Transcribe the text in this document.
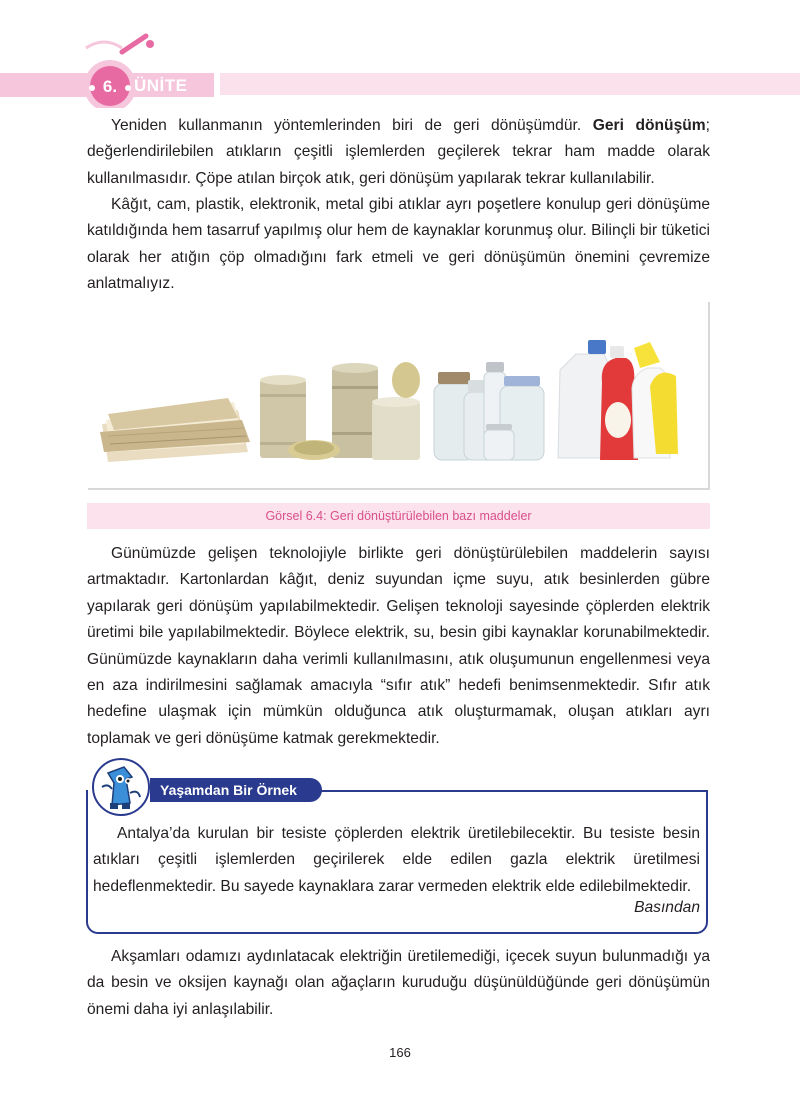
6. ÜNİTE

Yeniden kullanmanın yöntemlerinden biri de geri dönüşümdür. Geri dönüşüm; değerlendirilebilen atıkların çeşitli işlemlerden geçilerek tekrar ham madde olarak kullanılmasıdır. Çöpe atılan birçok atık, geri dönüşüm yapılarak tekrar kullanılabilir.

Kâğıt, cam, plastik, elektronik, metal gibi atıklar ayrı poşetlere konulup geri dönüşüme katıldığında hem tasarruf yapılmış olur hem de kaynaklar korunmuş olur. Bilinçli bir tüketici olarak her atığın çöp olmadığını fark etmeli ve geri dönüşümün önemini çevremize anlatmalıyız.

Görsel 6.4: Geri dönüştürülebilen bazı maddeler

Günümüzde gelişen teknolojiyle birlikte geri dönüştürülebilen maddelerin sayısı artmaktadır. Kartonlardan kâğıt, deniz suyundan içme suyu, atık besinlerden gübre yapılarak geri dönüşüm yapılabilmektedir. Gelişen teknoloji sayesinde çöplerden elektrik üretimi bile yapılabilmektedir. Böylece elektrik, su, besin gibi kaynaklar korunabilmektedir. Günümüzde kaynakların daha verimli kullanılmasını, atık oluşumunun engellenmesi veya en aza indirilmesini sağlamak amacıyla “sıfır atık” hedefi benimsenmektedir. Sıfır atık hedefine ulaşmak için mümkün olduğunca atık oluşturmamak, oluşan atıkları ayrı toplamak ve geri dönüşüme katmak gerekmektedir.

Yaşamdan Bir Örnek

Antalya’da kurulan bir tesiste çöplerden elektrik üretilebilecektir. Bu tesiste besin atıkları çeşitli işlemlerden geçirilerek elde edilen gazla elektrik üretilmesi hedeflenmektedir. Bu sayede kaynaklara zarar vermeden elektrik elde edilebilmektedir.

Basından

Akşamları odamızı aydınlatacak elektriğin üretilemediği, içecek suyun bulunmadığı ya da besin ve oksijen kaynağı olan ağaçların kuruduğu düşünüldüğünde geri dönüşümün önemi daha iyi anlaşılabilir.

166
